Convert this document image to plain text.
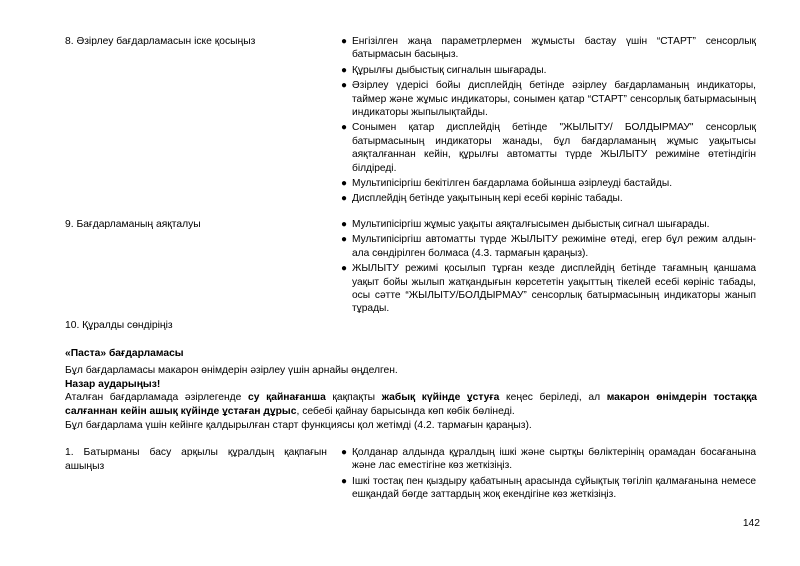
8. Әзірлеу бағдарламасын іске қосыңыз	● Енгізілген жаңа параметрлермен жұмысты бастау үшін “СТАРТ” сенсорлық батырмасын басыңыз.
● Құрылғы дыбыстық сигналын шығарады.
● Әзірлеу үдерісі бойы дисплейдің бетінде әзірлеу бағдарламаның индикаторы, таймер және жұмыс индикаторы, сонымен қатар “СТАРТ” сенсорлық батырмасының индикаторы жыпылықтайды.
● Сонымен қатар дисплейдің бетінде "ЖЫЛЫТУ/ БОЛДЫРМАУ" сенсорлық батырмасының индикаторы жанады, бұл бағдарламаның жұмыс уақытысы аяқталғаннан кейін, құрылғы автоматты түрде ЖЫЛЫТУ режиміне өтетіндігін білдіреді.
● Мультипісіргіш бекітілген бағдарлама бойынша әзірлеуді бастайды.
● Дисплейдің бетінде уақытының кері есебі көрініс табады.
9. Бағдарламаның аяқталуы	● Мультипісіргіш жұмыс уақыты аяқталғысымен дыбыстық сигнал шығарады.
● Мультипісіргіш автоматты түрде ЖЫЛЫТУ режиміне өтеді, егер бұл режим алдын-ала сөндірілген болмаса (4.3. тармағын қараңыз).
● ЖЫЛЫТУ режимі қосылып тұрған кезде дисплейдің бетінде тағамның қаншама уақыт бойы жылып жатқандығын көрсететін уақыттың тікелей есебі көрініс табады, осы сәтте “ЖЫЛЫТУ/БОЛДЫРМАУ” сенсорлық батырмасының индикаторы жанып тұрады.
10. Құралды сөндіріңіз
«Паста» бағдарламасы
Бұл бағдарламасы макарон өнімдерін әзірлеу үшін арнайы өңделген.
Назар аударыңыз!
Аталған бағдарламада әзірлегенде су қайнағанша қақпақты жабық күйінде ұстуға кеңес беріледі, ал макарон өнімдерін тостаққа салғаннан кейін ашық күйінде ұстаған дұрыс, себебі қайнау барысында көп көбік бөлінеді.
Бұл бағдарлама үшін кейінге қалдырылған старт функциясы қол жетімді (4.2. тармағын қараңыз).
1. Батырманы басу арқылы құралдың қақпағын ашыңыз
● Қолданар алдында құралдың ішкі және сыртқы бөліктерінің орамадан босағанына және лас еместігіне көз жеткізіңіз.
● Ішкі тостақ пен қыздыру қабатының арасында сұйықтық төгіліп қалмағанына немесе ешқандай бөгде заттардың жоқ екендігіне көз жеткізіңіз.
142
